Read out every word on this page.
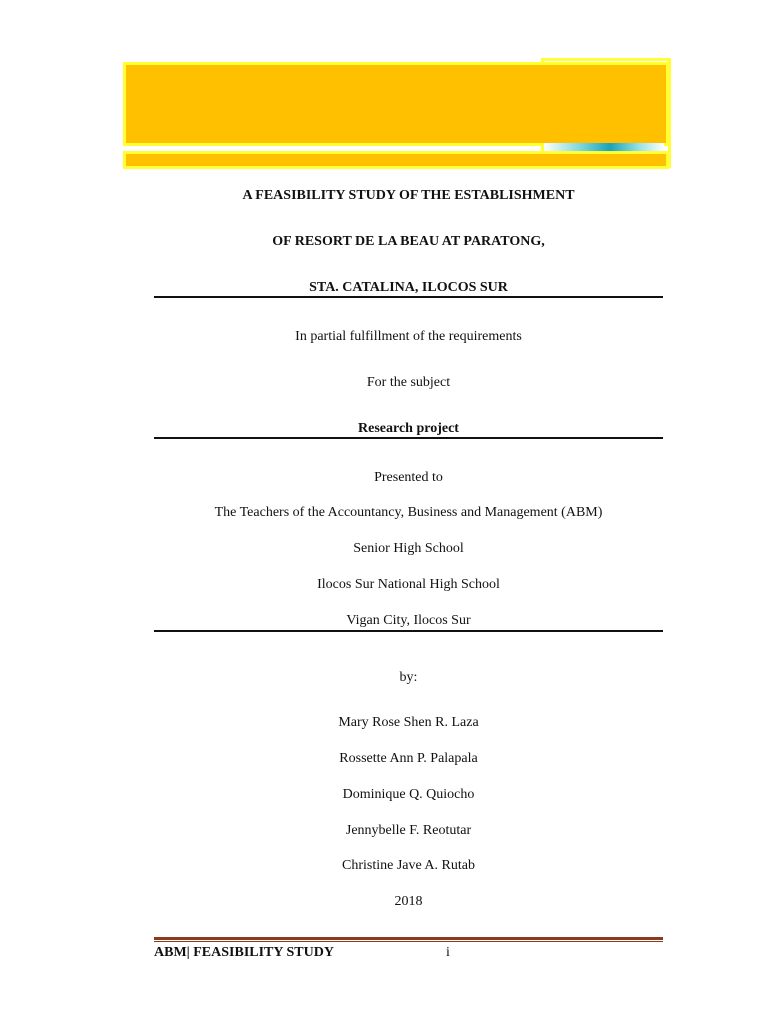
A FEASIBILITY STUDY OF THE ESTABLISHMENT
OF RESORT DE LA BEAU AT PARATONG,
STA. CATALINA, ILOCOS SUR
In partial fulfillment of the requirements
For the subject
Research project
Presented to
The Teachers of the Accountancy, Business and Management (ABM)
Senior High School
Ilocos Sur National High School
Vigan City, Ilocos Sur
by:
Mary Rose Shen R. Laza
Rossette Ann P. Palapala
Dominique Q. Quiocho
Jennybelle F. Reotutar
Christine Jave A. Rutab
2018
ABM| FEASIBILITY STUDY	i
